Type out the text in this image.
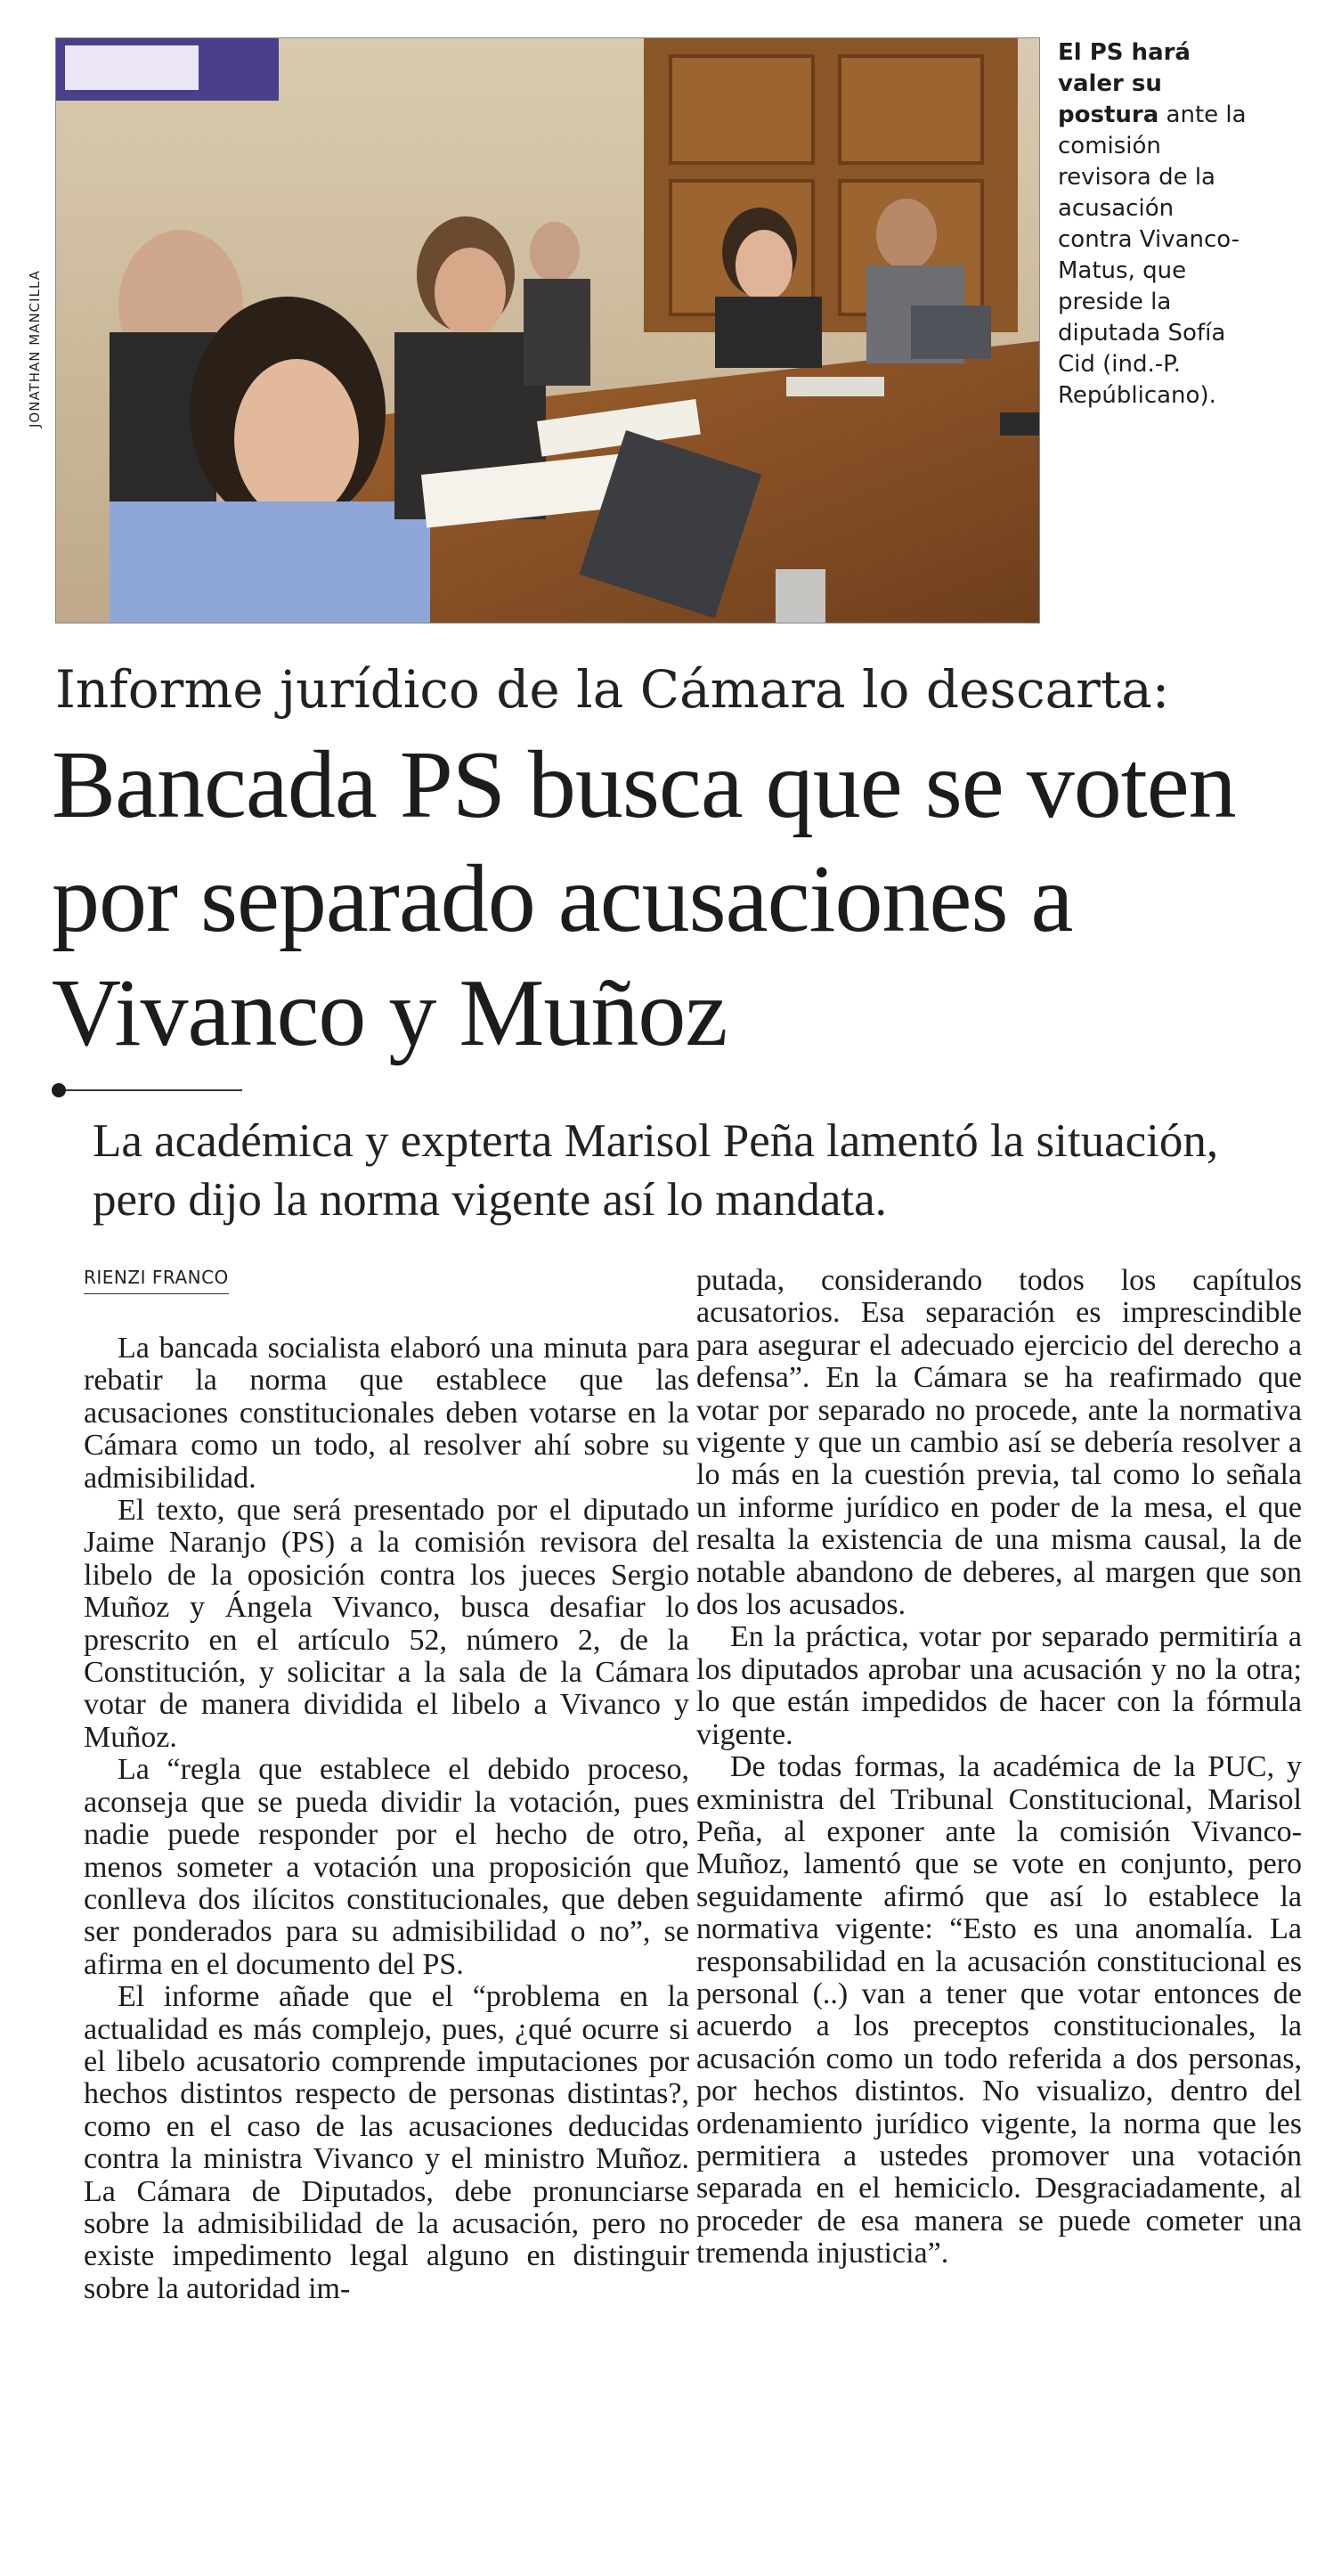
JONATHAN MANCILLA
El PS hará valer su postura ante la comisión revisora de la acusación contra Vivanco-Matus, que preside la diputada Sofía Cid (ind.-P. Repúblicano).
Informe jurídico de la Cámara lo descarta:
Bancada PS busca que se voten por separado acusaciones a Vivanco y Muñoz
La académica y expterta Marisol Peña lamentó la situación, pero dijo la norma vigente así lo mandata.
RIENZI FRANCO

La bancada socialista elaboró una minuta para rebatir la norma que establece que las acusaciones constitucionales deben votarse en la Cámara como un todo, al resolver ahí sobre su admisibilidad.

El texto, que será presentado por el diputado Jaime Naranjo (PS) a la comisión revisora del libelo de la oposición contra los jueces Sergio Muñoz y Ángela Vivanco, busca desafiar lo prescrito en el artículo 52, número 2, de la Constitución, y solicitar a la sala de la Cámara votar de manera dividida el libelo a Vivanco y Muñoz.

La “regla que establece el debido proceso, aconseja que se pueda dividir la votación, pues nadie puede responder por el hecho de otro, menos someter a votación una proposición que conlleva dos ilícitos constitucionales, que deben ser ponderados para su admisibilidad o no”, se afirma en el documento del PS.

El informe añade que el “problema en la actualidad es más complejo, pues, ¿qué ocurre si el libelo acusatorio comprende imputaciones por hechos distintos respecto de personas distintas?, como en el caso de las acusaciones deducidas contra la ministra Vivanco y el ministro Muñoz. La Cámara de Diputados, debe pronunciarse sobre la admisibilidad de la acusación, pero no existe impedimento legal alguno en distinguir sobre la autoridad im-

putada, considerando todos los capítulos acusatorios. Esa separación es imprescindible para asegurar el adecuado ejercicio del derecho a defensa”. En la Cámara se ha reafirmado que votar por separado no procede, ante la normativa vigente y que un cambio así se debería resolver a lo más en la cuestión previa, tal como lo señala un informe jurídico en poder de la mesa, el que resalta la existencia de una misma causal, la de notable abandono de deberes, al margen que son dos los acusados.

En la práctica, votar por separado permitiría a los diputados aprobar una acusación y no la otra; lo que están impedidos de hacer con la fórmula vigente.

De todas formas, la académica de la PUC, y exministra del Tribunal Constitucional, Marisol Peña, al exponer ante la comisión Vivanco-Muñoz, lamentó que se vote en conjunto, pero seguidamente afirmó que así lo establece la normativa vigente: “Esto es una anomalía. La responsabilidad en la acusación constitucional es personal (..) van a tener que votar entonces de acuerdo a los preceptos constitucionales, la acusación como un todo referida a dos personas, por hechos distintos. No visualizo, dentro del ordenamiento jurídico vigente, la norma que les permitiera a ustedes promover una votación separada en el hemiciclo. Desgraciadamente, al proceder de esa manera se puede cometer una tremenda injusticia”.
